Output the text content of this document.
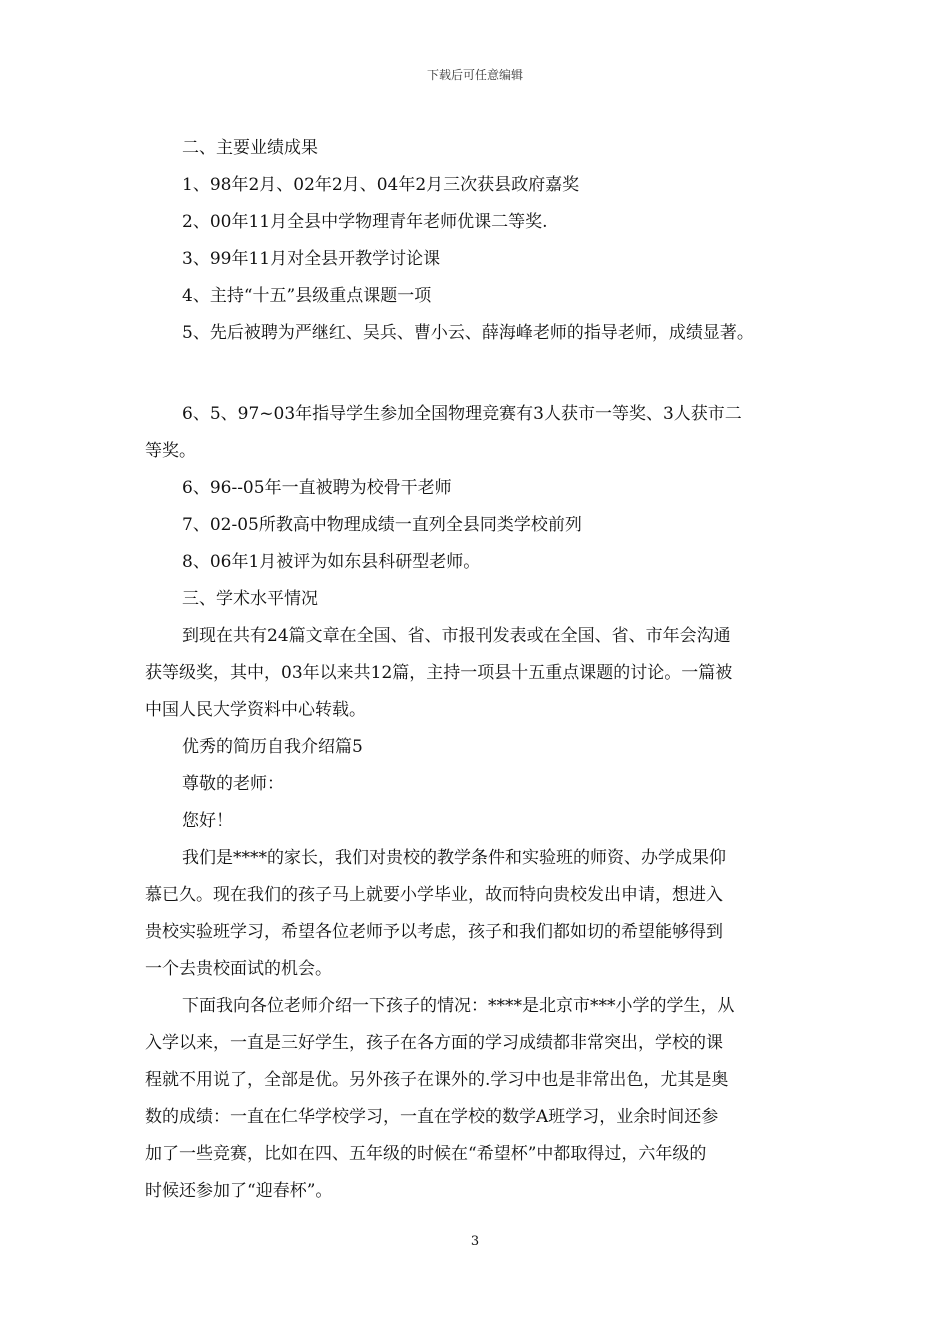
下载后可任意编辑
二、主要业绩成果
1、98年2月、02年2月、04年2月三次获县政府嘉奖
2、00年11月全县中学物理青年老师优课二等奖.
3、99年11月对全县开教学讨论课
4、主持“十五”县级重点课题一项
5、先后被聘为严继红、吴兵、曹小云、薛海峰老师的指导老师，成绩显著。
6、5、97~03年指导学生参加全国物理竞赛有3人获市一等奖、3人获市二
等奖。
6、96--05年一直被聘为校骨干老师
7、02-05所教高中物理成绩一直列全县同类学校前列
8、06年1月被评为如东县科研型老师。
三、学术水平情况
到现在共有24篇文章在全国、省、市报刊发表或在全国、省、市年会沟通
获等级奖，其中，03年以来共12篇，主持一项县十五重点课题的讨论。一篇被
中国人民大学资料中心转载。
优秀的简历自我介绍篇5
尊敬的老师：
您好！
我们是****的家长，我们对贵校的教学条件和实验班的师资、办学成果仰
慕已久。现在我们的孩子马上就要小学毕业，故而特向贵校发出申请，想进入
贵校实验班学习，希望各位老师予以考虑，孩子和我们都如切的希望能够得到
一个去贵校面试的机会。
下面我向各位老师介绍一下孩子的情况：****是北京市***小学的学生，从
入学以来，一直是三好学生，孩子在各方面的学习成绩都非常突出，学校的课
程就不用说了，全部是优。另外孩子在课外的.学习中也是非常出色，尤其是奥
数的成绩：一直在仁华学校学习，一直在学校的数学A班学习，业余时间还参
加了一些竞赛，比如在四、五年级的时候在“希望杯”中都取得过，六年级的
时候还参加了“迎春杯”。
3
